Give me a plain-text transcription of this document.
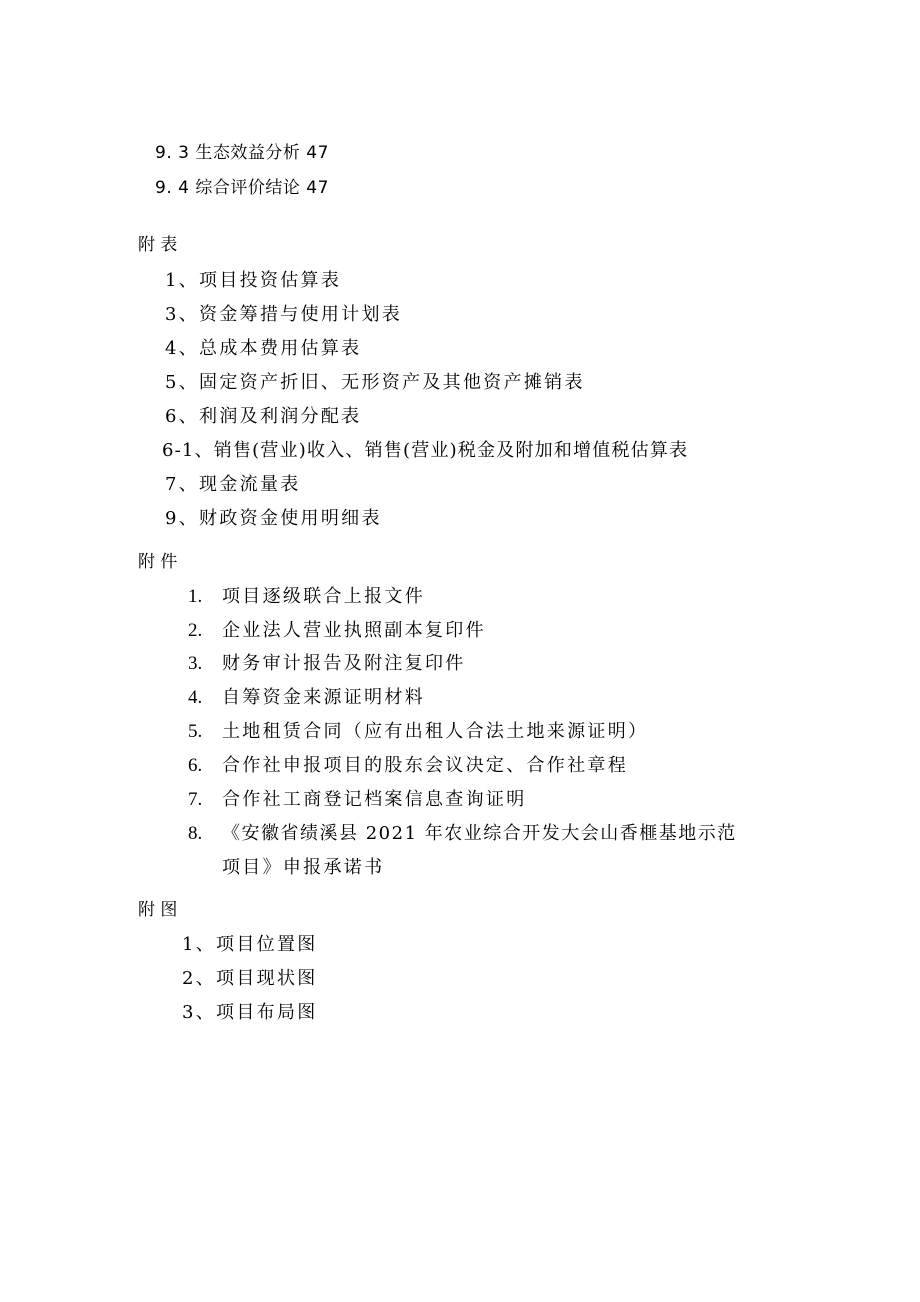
9. 3 生态效益分析 47
9. 4 综合评价结论 47
附 表
1、项目投资估算表
3、资金筹措与使用计划表
4、总成本费用估算表
5、固定资产折旧、无形资产及其他资产摊销表
6、利润及利润分配表
6-1、销售(营业)收入、销售(营业)税金及附加和增值税估算表
7、现金流量表
9、财政资金使用明细表
附 件
1. 项目逐级联合上报文件
2. 企业法人营业执照副本复印件
3. 财务审计报告及附注复印件
4. 自筹资金来源证明材料
5. 土地租赁合同（应有出租人合法土地来源证明）
6. 合作社申报项目的股东会议决定、合作社章程
7. 合作社工商登记档案信息查询证明
8. 《安徽省绩溪县 2021 年农业综合开发大会山香榧基地示范
项目》申报承诺书
附 图
1、项目位置图
2、项目现状图
3、项目布局图
